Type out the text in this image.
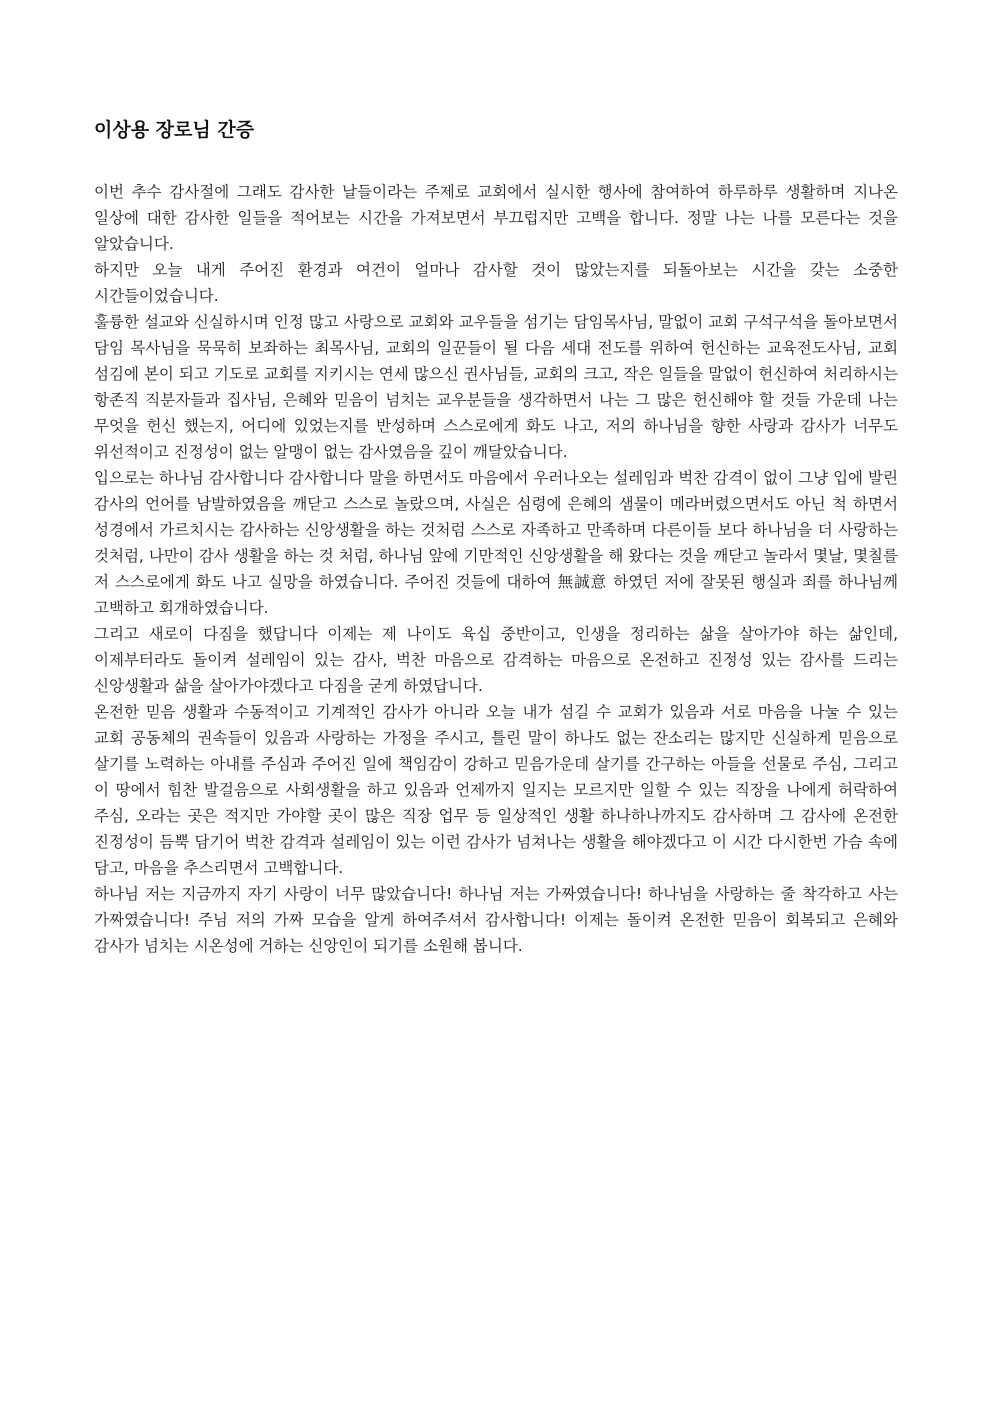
이상용 장로님 간증

이번 추수 감사절에 그래도 감사한 날들이라는 주제로 교회에서 실시한 행사에 참여하여 하루하루 생활하며 지나온 일상에 대한 감사한 일들을 적어보는 시간을 가져보면서 부끄럽지만 고백을 합니다. 정말 나는 나를 모른다는 것을 알았습니다.

하지만 오늘 내게 주어진 환경과 여건이 얼마나 감사할 것이 많았는지를 되돌아보는 시간을 갖는 소중한 시간들이었습니다.

훌륭한 설교와 신실하시며 인정 많고 사랑으로 교회와 교우들을 섬기는 담임목사님, 말없이 교회 구석구석을 돌아보면서 담임 목사님을 묵묵히 보좌하는 최목사님, 교회의 일꾼들이 될 다음 세대 전도를 위하여 헌신하는 교육전도사님, 교회 섬김에 본이 되고 기도로 교회를 지키시는 연세 많으신 권사님들, 교회의 크고, 작은 일들을 말없이 헌신하여 처리하시는 항존직 직분자들과 집사님, 은혜와 믿음이 넘치는 교우분들을 생각하면서 나는 그 많은 헌신해야 할 것들 가운데 나는 무엇을 헌신 했는지, 어디에 있었는지를 반성하며 스스로에게 화도 나고, 저의 하나님을 향한 사랑과 감사가 너무도 위선적이고 진정성이 없는 알맹이 없는 감사였음을 깊이 깨달았습니다.

입으로는 하나님 감사합니다 감사합니다 말을 하면서도 마음에서 우러나오는 설레임과 벅찬 감격이 없이 그냥 입에 발린 감사의 언어를 남발하였음을 깨닫고 스스로 놀랐으며, 사실은 심령에 은혜의 샘물이 메라버렸으면서도 아닌 척 하면서 성경에서 가르치시는 감사하는 신앙생활을 하는 것처럼 스스로 자족하고 만족하며 다른이들 보다 하나님을 더 사랑하는 것처럼, 나만이 감사 생활을 하는 것 처럼, 하나님 앞에 기만적인 신앙생활을 해 왔다는 것을 깨닫고 놀라서 몇날, 몇칠를 저 스스로에게 화도 나고 실망을 하였습니다. 주어진 것들에 대하여 無誠意 하였던 저에 잘못된 행실과 죄를 하나님께 고백하고 회개하였습니다.

그리고 새로이 다짐을 했답니다 이제는 제 나이도 육십 중반이고, 인생을 정리하는 삶을 살아가야 하는 삶인데, 이제부터라도 돌이켜 설레임이 있는 감사, 벅찬 마음으로 감격하는 마음으로 온전하고 진정성 있는 감사를 드리는 신앙생활과 삶을 살아가야겠다고 다짐을 굳게 하였답니다.

온전한 믿음 생활과 수동적이고 기계적인 감사가 아니라 오늘 내가 섬길 수 교회가 있음과 서로 마음을 나눌 수 있는 교회 공동체의 권속들이 있음과 사랑하는 가정을 주시고, 틀린 말이 하나도 없는 잔소리는 많지만 신실하게 믿음으로 살기를 노력하는 아내를 주심과 주어진 일에 책임감이 강하고 믿음가운데 살기를 간구하는 아들을 선물로 주심, 그리고 이 땅에서 힘찬 발걸음으로 사회생활을 하고 있음과 언제까지 일지는 모르지만 일할 수 있는 직장을 나에게 허락하여 주심, 오라는 곳은 적지만 가야할 곳이 많은 직장 업무 등 일상적인 생활 하나하나까지도 감사하며 그 감사에 온전한 진정성이 듬뿍 담기어 벅찬 감격과 설레임이 있는 이런 감사가 넘쳐나는 생활을 해야겠다고 이 시간 다시한번 가슴 속에 담고, 마음을 추스리면서 고백합니다.

하나님 저는 지금까지 자기 사랑이 너무 많았습니다! 하나님 저는 가짜였습니다! 하나님을 사랑하는 줄 착각하고 사는 가짜였습니다! 주님 저의 가짜 모습을 알게 하여주셔서 감사합니다! 이제는 돌이켜 온전한 믿음이 회복되고 은혜와 감사가 넘치는 시온성에 거하는 신앙인이 되기를 소원해 봅니다.
